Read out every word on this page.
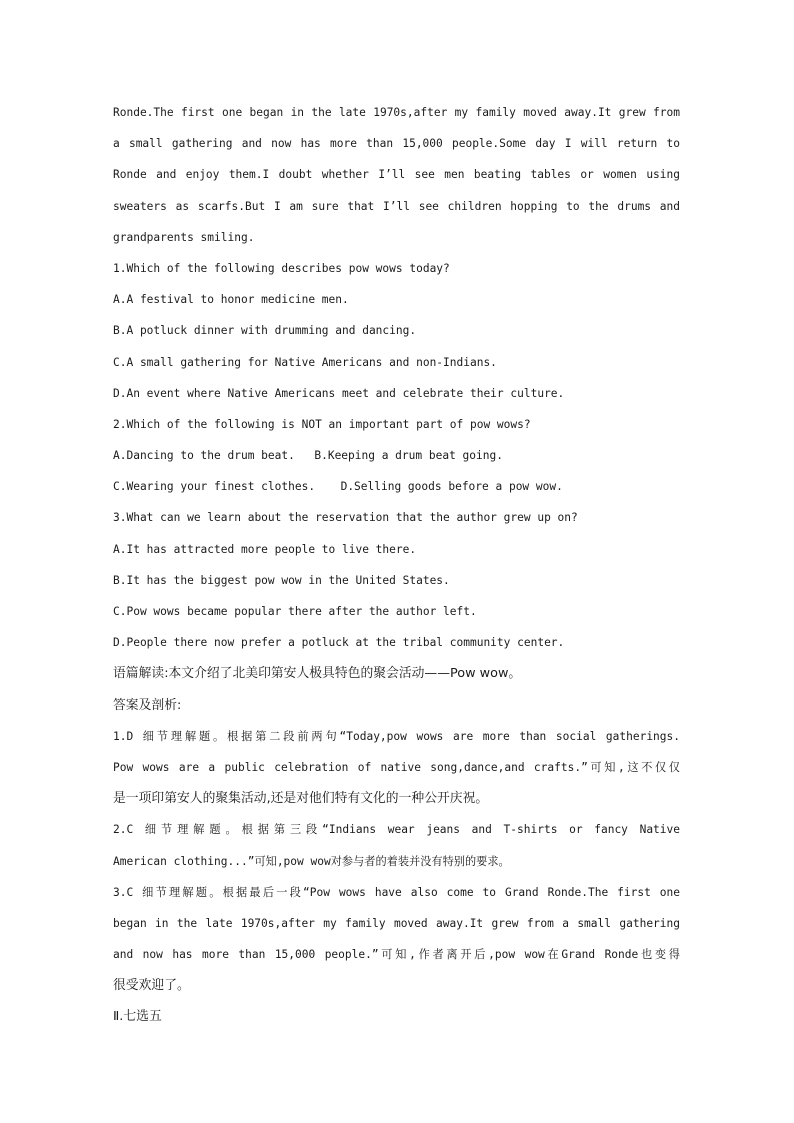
Ronde.The first one began in the late 1970s,after my family moved away.It grew from
a small gathering and now has more than 15,000 people.Some day I will return to
Ronde and enjoy them.I doubt whether I’ll see men beating tables or women using
sweaters as scarfs.But I am sure that I’ll see children hopping to the drums and
grandparents smiling.
1.Which of the following describes pow wows today?
A.A festival to honor medicine men.
B.A potluck dinner with drumming and dancing.
C.A small gathering for Native Americans and non-Indians.
D.An event where Native Americans meet and celebrate their culture.
2.Which of the following is NOT an important part of pow wows?
A.Dancing to the drum beat. B.Keeping a drum beat going.
C.Wearing your finest clothes. D.Selling goods before a pow wow.
3.What can we learn about the reservation that the author grew up on?
A.It has attracted more people to live there.
B.It has the biggest pow wow in the United States.
C.Pow wows became popular there after the author left.
D.People there now prefer a potluck at the tribal community center.
语篇解读:本文介绍了北美印第安人极具特色的聚会活动——Pow wow。
答案及剖析:
1.D 细节理解题。根据第二段前两句“Today,pow wows are more than social gatherings.
Pow wows are a public celebration of native song,dance,and crafts.”可知,这不仅仅
是一项印第安人的聚集活动,还是对他们特有文化的一种公开庆祝。
2.C 细节理解题。根据第三段“Indians wear jeans and T-shirts or fancy Native
American clothing...”可知,pow wow对参与者的着装并没有特别的要求。
3.C 细节理解题。根据最后一段“Pow wows have also come to Grand Ronde.The first one
began in the late 1970s,after my family moved away.It grew from a small gathering
and now has more than 15,000 people.”可知,作者离开后,pow wow在Grand Ronde也变得
很受欢迎了。
Ⅱ.七选五
